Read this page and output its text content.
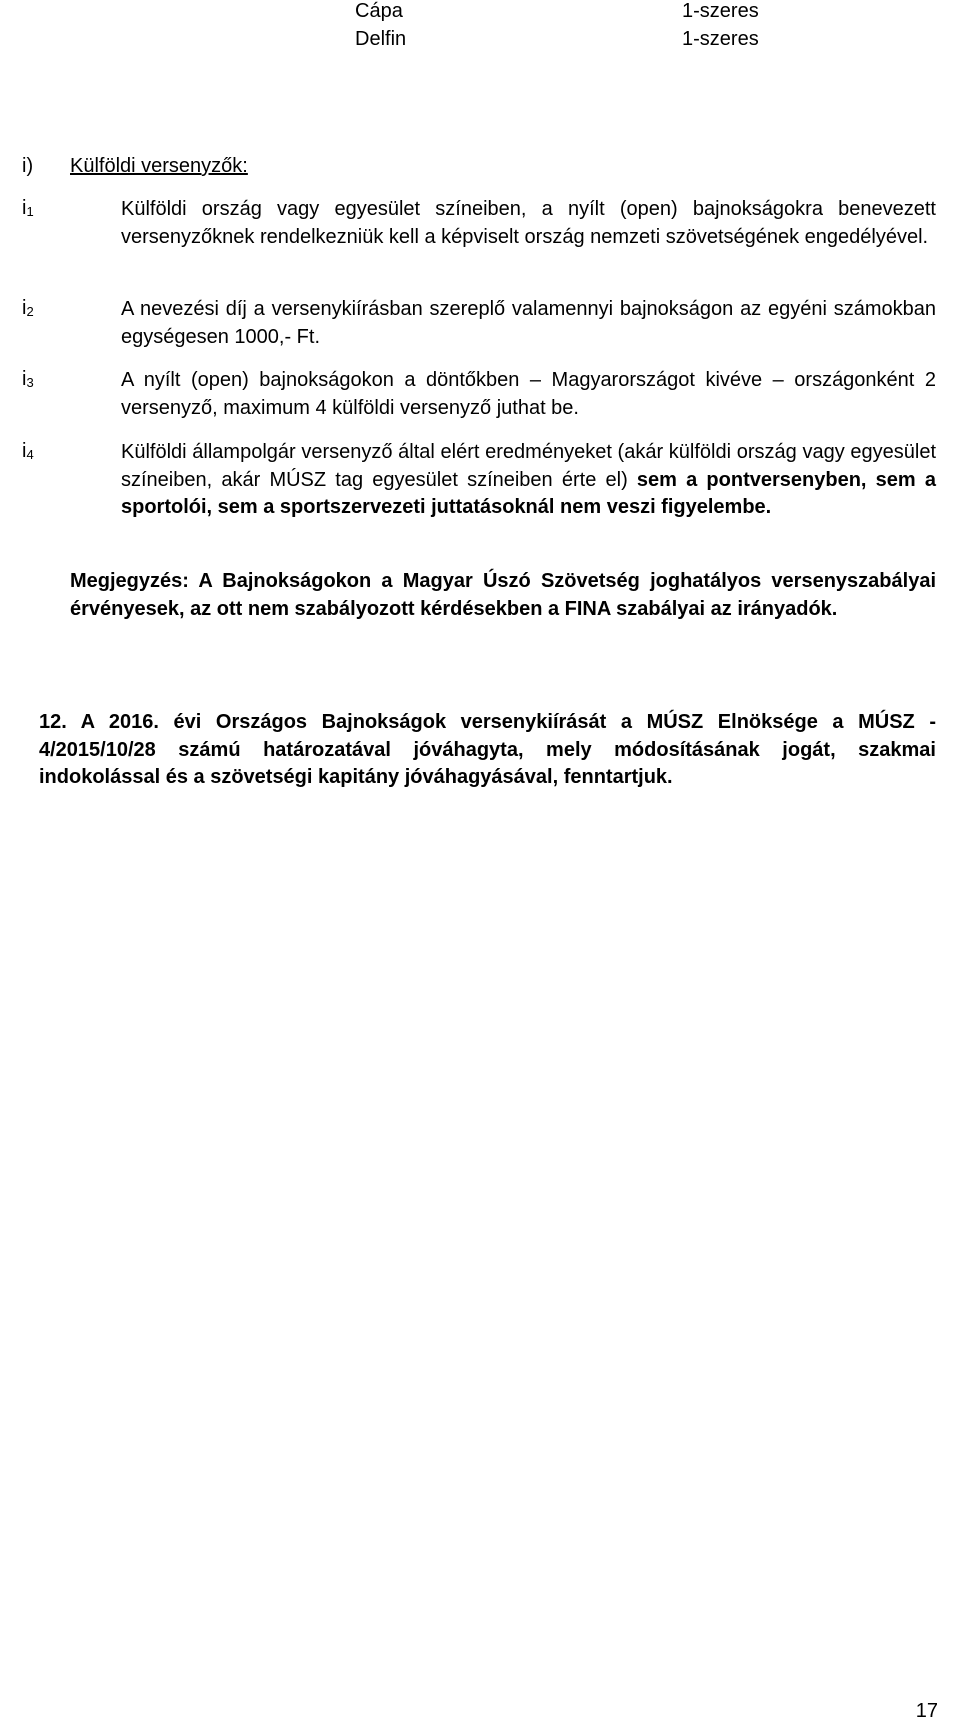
Cápa	1-szeres
Delfin	1-szeres
i) Külföldi versenyzők:
$i_1$	Külföldi ország vagy egyesület színeiben, a nyílt (open) bajnokságokra benevezett versenyzőknek rendelkezniük kell a képviselt ország nemzeti szövetségének engedélyével.
$i_2$	A nevezési díj a versenykiírásban szereplő valamennyi bajnokságon az egyéni számokban egységesen 1000,- Ft.
$i_3$	A nyílt (open) bajnokságokon a döntőkben – Magyarországot kivéve – országonként 2 versenyző, maximum 4 külföldi versenyző juthat be.
$i_4$	Külföldi állampolgár versenyző által elért eredményeket (akár külföldi ország vagy egyesület színeiben, akár MÚSZ tag egyesület színeiben érte el) sem a pontversenyben, sem a sportolói, sem a sportszervezeti juttatásoknál nem veszi figyelembe.
Megjegyzés: A Bajnokságokon a Magyar Úszó Szövetség joghatályos versenyszabályai érvényesek, az ott nem szabályozott kérdésekben a FINA szabályai az irányadók.
12. A 2016. évi Országos Bajnokságok versenykiírását a MÚSZ Elnöksége a MÚSZ - 4/2015/10/28 számú határozatával jóváhagyta, mely módosításának jogát, szakmai indokolással és a szövetségi kapitány jóváhagyásával, fenntartjuk.
17
